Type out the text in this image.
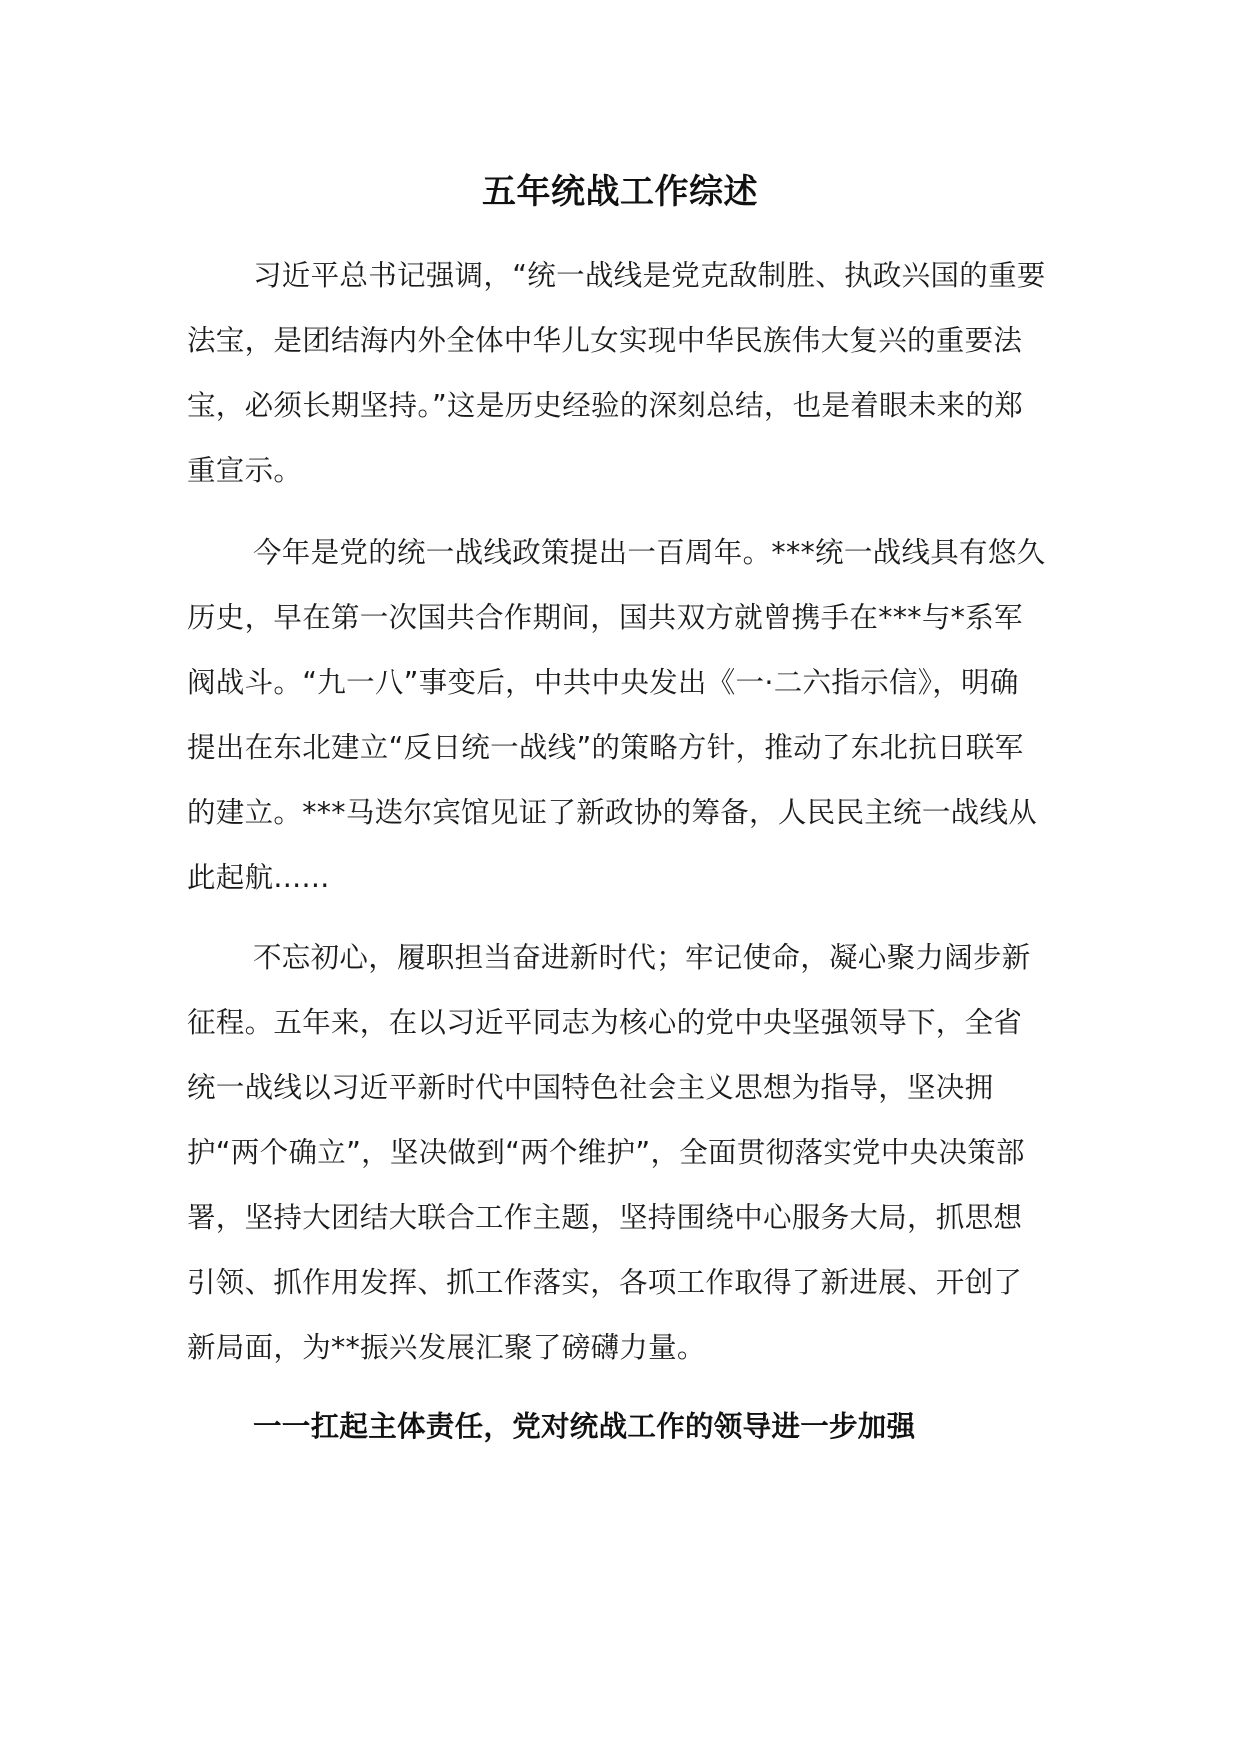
五年统战工作综述
习近平总书记强调，“统一战线是党克敌制胜、执政兴国的重要法宝，是团结海内外全体中华儿女实现中华民族伟大复兴的重要法宝，必须长期坚持。”这是历史经验的深刻总结，也是着眼未来的郑重宣示。
今年是党的统一战线政策提出一百周年。***统一战线具有悠久历史，早在第一次国共合作期间，国共双方就曾携手在***与*系军阀战斗。“九一八”事变后，中共中央发出《一·二六指示信》，明确提出在东北建立“反日统一战线”的策略方针，推动了东北抗日联军的建立。***马迭尔宾馆见证了新政协的筹备，人民民主统一战线从此起航......
不忘初心，履职担当奋进新时代；牢记使命，凝心聚力阔步新征程。五年来，在以习近平同志为核心的党中央坚强领导下，全省统一战线以习近平新时代中国特色社会主义思想为指导，坚决拥护“两个确立”，坚决做到“两个维护”，全面贯彻落实党中央决策部署，坚持大团结大联合工作主题，坚持围绕中心服务大局，抓思想引领、抓作用发挥、抓工作落实，各项工作取得了新进展、开创了新局面，为**振兴发展汇聚了磅礴力量。
一一扛起主体责任，党对统战工作的领导进一步加强
